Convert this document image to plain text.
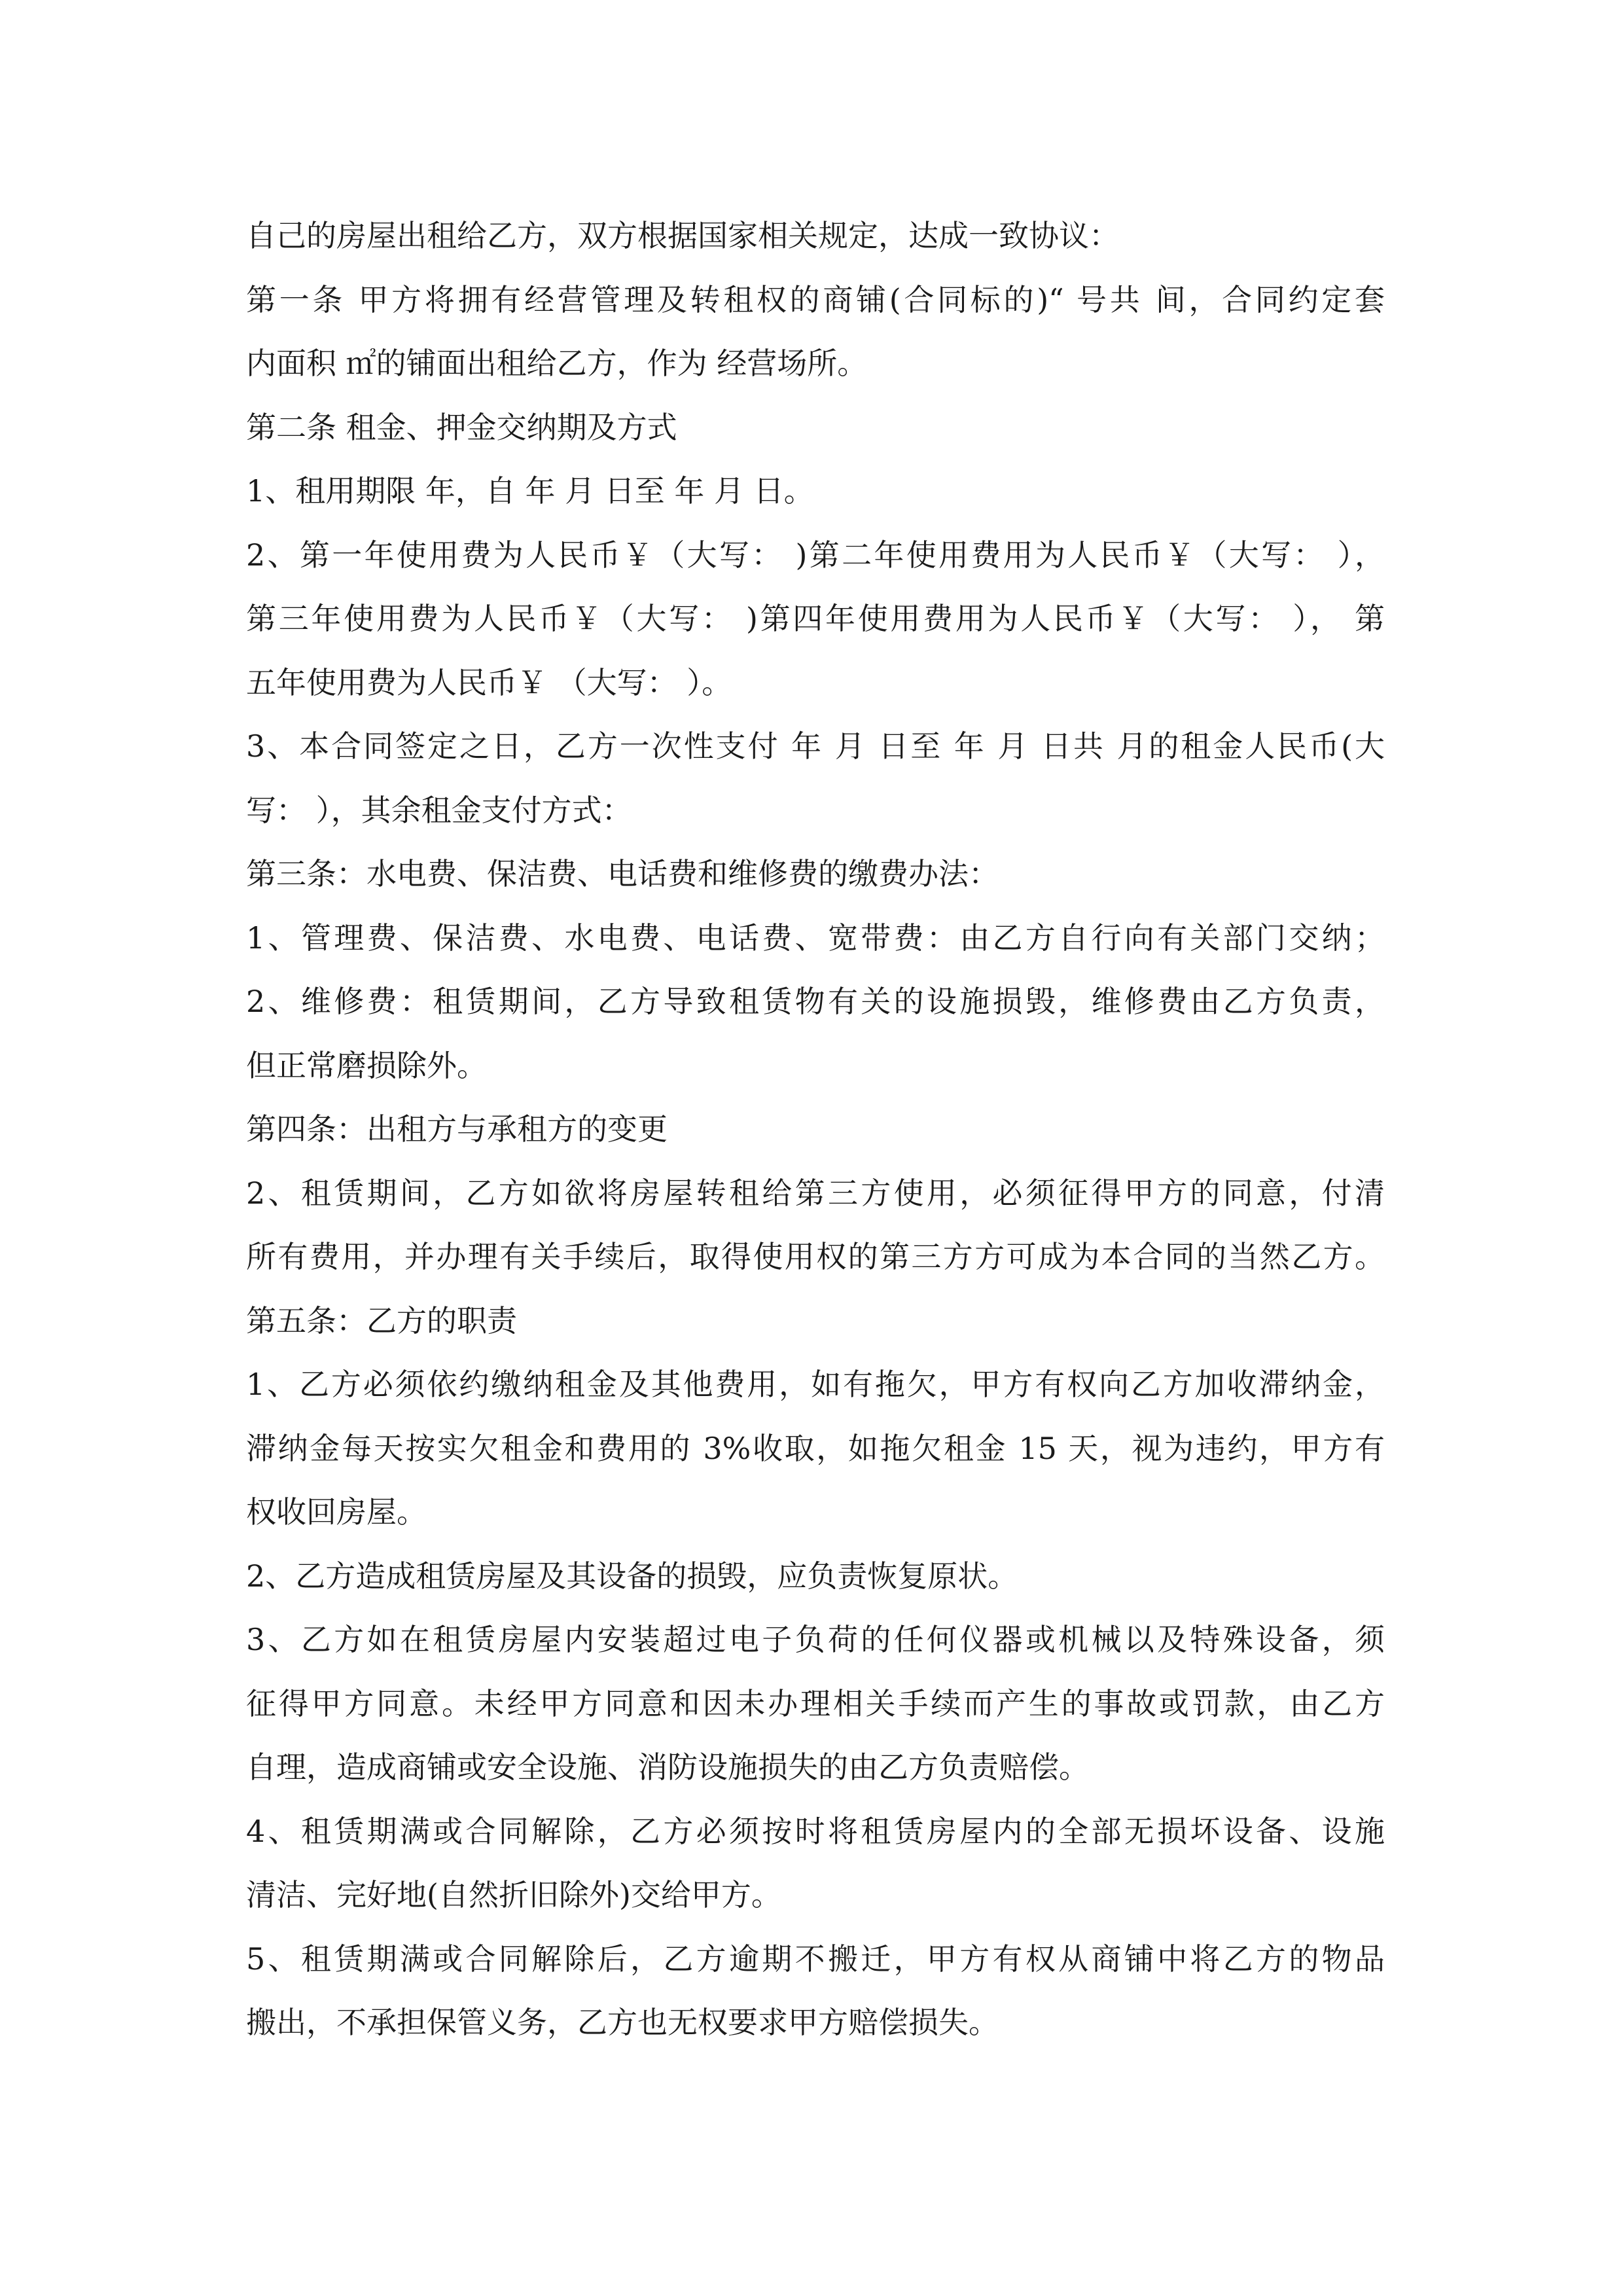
自己的房屋出租给乙方，双方根据国家相关规定，达成一致协议：
第一条 甲方将拥有经营管理及转租权的商铺(合同标的)“ 号共 间，合同约定套
内面积 ㎡的铺面出租给乙方，作为 经营场所。
第二条 租金、押金交纳期及方式
1、租用期限 年，自 年 月 日至 年 月 日。
2、第一年使用费为人民币￥（大写： )第二年使用费用为人民币￥（大写： ），
第三年使用费为人民币￥（大写： )第四年使用费用为人民币￥（大写： ）， 第
五年使用费为人民币￥ （大写： ）。
3、本合同签定之日，乙方一次性支付 年 月 日至 年 月 日共 月的租金人民币(大
写： ），其余租金支付方式：
第三条：水电费、保洁费、电话费和维修费的缴费办法：
1、管理费、保洁费、水电费、电话费、宽带费：由乙方自行向有关部门交纳；
2、维修费：租赁期间，乙方导致租赁物有关的设施损毁，维修费由乙方负责，
但正常磨损除外。
第四条：出租方与承租方的变更
2、租赁期间，乙方如欲将房屋转租给第三方使用，必须征得甲方的同意，付清
所有费用，并办理有关手续后，取得使用权的第三方方可成为本合同的当然乙方。
第五条：乙方的职责
1、乙方必须依约缴纳租金及其他费用，如有拖欠，甲方有权向乙方加收滞纳金，
滞纳金每天按实欠租金和费用的 3%收取，如拖欠租金 15 天，视为违约，甲方有
权收回房屋。
2、乙方造成租赁房屋及其设备的损毁，应负责恢复原状。
3、乙方如在租赁房屋内安装超过电子负荷的任何仪器或机械以及特殊设备，须
征得甲方同意。未经甲方同意和因未办理相关手续而产生的事故或罚款，由乙方
自理，造成商铺或安全设施、消防设施损失的由乙方负责赔偿。
4、租赁期满或合同解除，乙方必须按时将租赁房屋内的全部无损坏设备、设施
清洁、完好地(自然折旧除外)交给甲方。
5、租赁期满或合同解除后，乙方逾期不搬迁，甲方有权从商铺中将乙方的物品
搬出，不承担保管义务，乙方也无权要求甲方赔偿损失。
